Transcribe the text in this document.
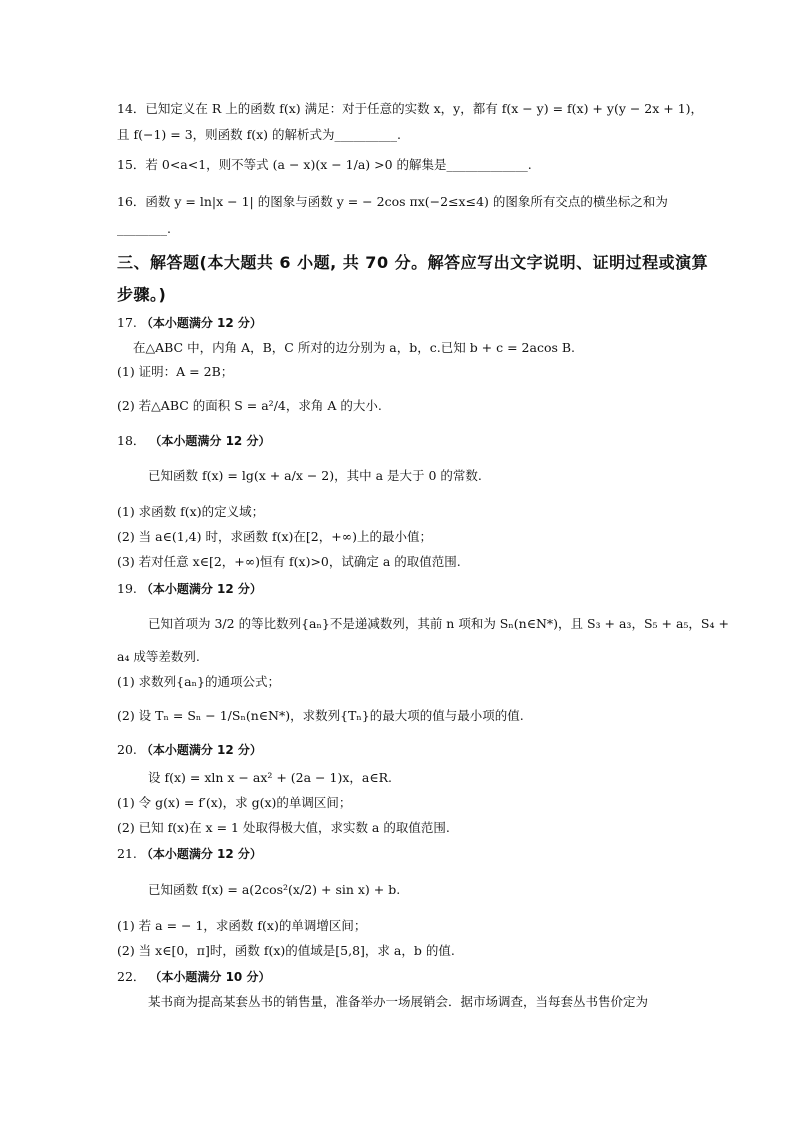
14．已知定义在 R 上的函数 f(x) 满足：对于任意的实数 x，y，都有 f(x − y) = f(x) + y(y − 2x + 1)，
且 f(−1) = 3，则函数 f(x) 的解析式为__________.
15．若 0<a<1，则不等式 (a − x)(x − 1/a) >0 的解集是_____________.
16．函数 y = ln|x − 1| 的图象与函数 y = − 2cos πx(−2≤x≤4) 的图象所有交点的横坐标之和为
________.
三、解答题(本大题共 6 小题, 共 70 分。解答应写出文字说明、证明过程或演算
步骤。)
17. （本小题满分 12 分）
在△ABC 中，内角 A，B，C 所对的边分别为 a，b，c.已知 b + c = 2acos B.
(1) 证明：A = 2B；
(2) 若△ABC 的面积 S = a²/4，求角 A 的大小.
18． （本小题满分 12 分）
已知函数 f(x) = lg(x + a/x − 2)，其中 a 是大于 0 的常数.
(1) 求函数 f(x)的定义域；
(2) 当 a∈(1,4) 时，求函数 f(x)在[2，+∞)上的最小值；
(3) 若对任意 x∈[2，+∞)恒有 f(x)>0，试确定 a 的取值范围.
19. （本小题满分 12 分）
已知首项为 3/2 的等比数列{aₙ}不是递减数列，其前 n 项和为 Sₙ(n∈N*)，且 S₃ + a₃，S₅ + a₅，S₄ +
a₄ 成等差数列.
(1) 求数列{aₙ}的通项公式；
(2) 设 Tₙ = Sₙ − 1/Sₙ(n∈N*)，求数列{Tₙ}的最大项的值与最小项的值.
20. （本小题满分 12 分）
设 f(x) = xln x − ax² + (2a − 1)x，a∈R.
(1) 令 g(x) = f′(x)，求 g(x)的单调区间；
(2) 已知 f(x)在 x = 1 处取得极大值，求实数 a 的取值范围.
21. （本小题满分 12 分）
已知函数 f(x) = a(2cos²(x/2) + sin x) + b.
(1) 若 a = − 1，求函数 f(x)的单调增区间；
(2) 当 x∈[0，π]时，函数 f(x)的值域是[5,8]，求 a，b 的值.
22． （本小题满分 10 分）
某书商为提高某套丛书的销售量，准备举办一场展销会．据市场调查，当每套丛书售价定为
